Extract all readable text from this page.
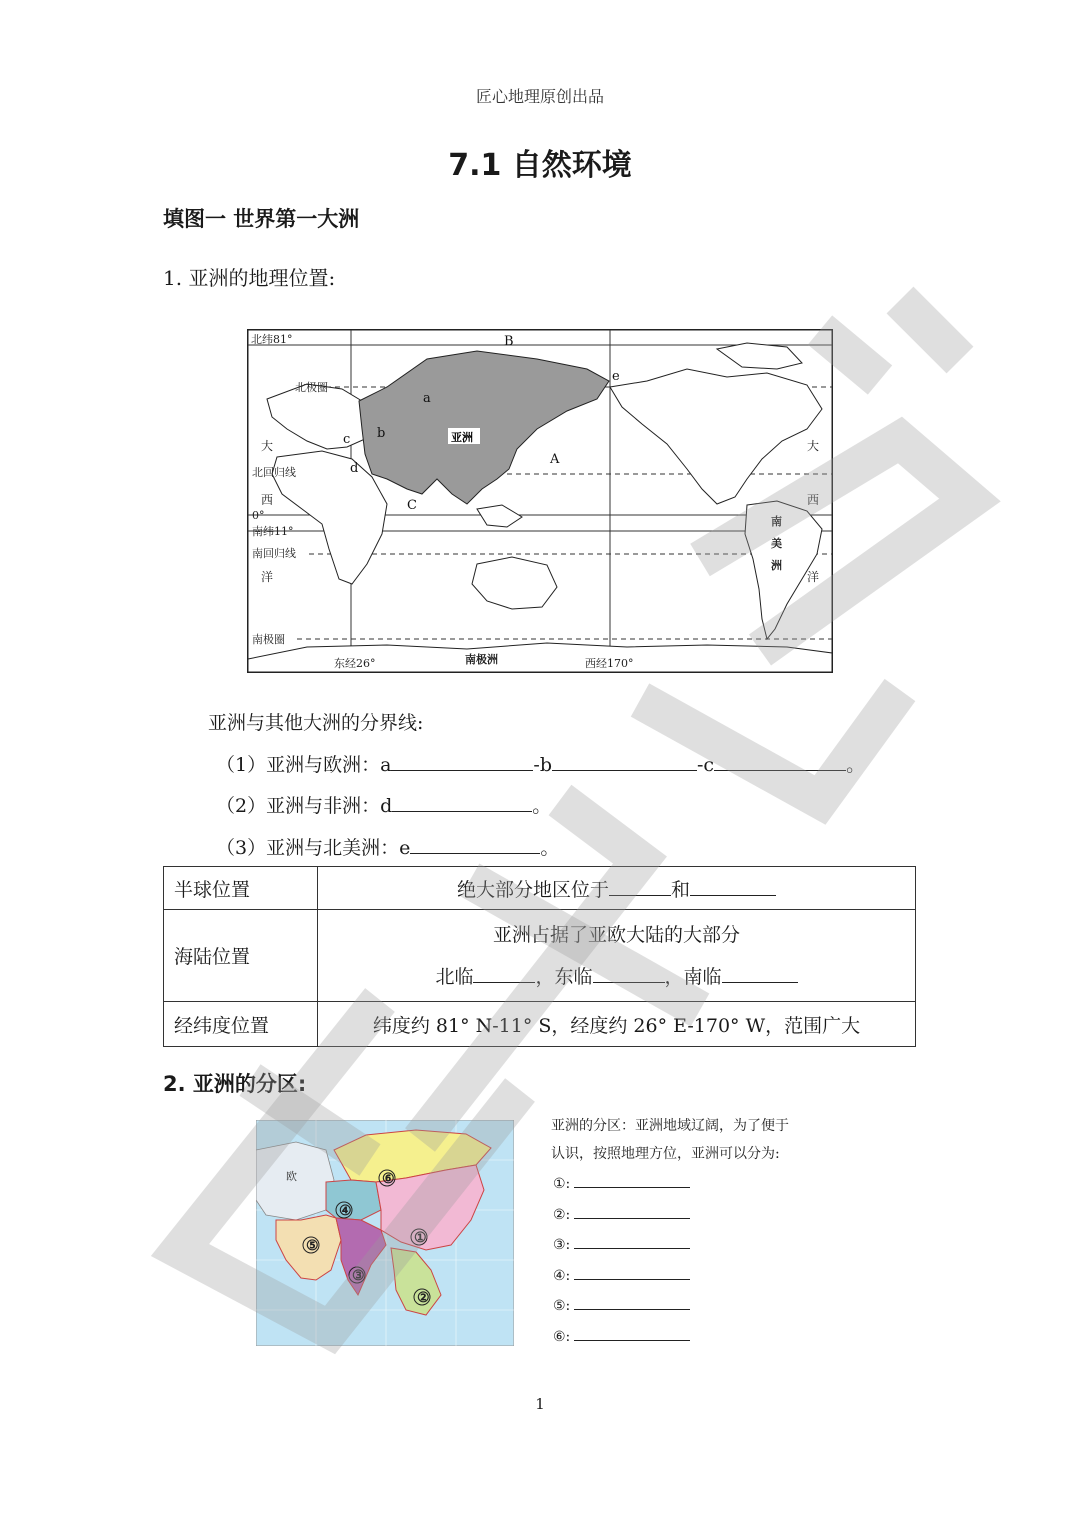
匠心地理原创出品
7.1 自然环境
填图一 世界第一大洲
1. 亚洲的地理位置:
北纬81°
北极圈
北回归线
0°
南纬11°
南回归线
南极圈
东经26°	西经170°
南极洲
大
西
洋
大
西
洋
南
美
洲
亚洲
B
a
b
c
d
e
A
C
亚洲与其他大洲的分界线:
（1）亚洲与欧洲：a	-b	-c	。
（2）亚洲与非洲：d	。
（3）亚洲与北美洲：e	。
半球位置	绝大部分地区位于 和
海陆位置	亚洲占据了亚欧大陆的大部分
北临 ，东临 ，南临

经纬度位置	纬度约 81° N-11° S，经度约 26° E-170° W，范围广大
2. 亚洲的分区:
①
②
③
④
⑤
⑥
欧
亚洲的分区：亚洲地域辽阔，为了便于
认识，按照地理方位，亚洲可以分为:
①:
②:
③:
④:
⑤:
⑥:
1
